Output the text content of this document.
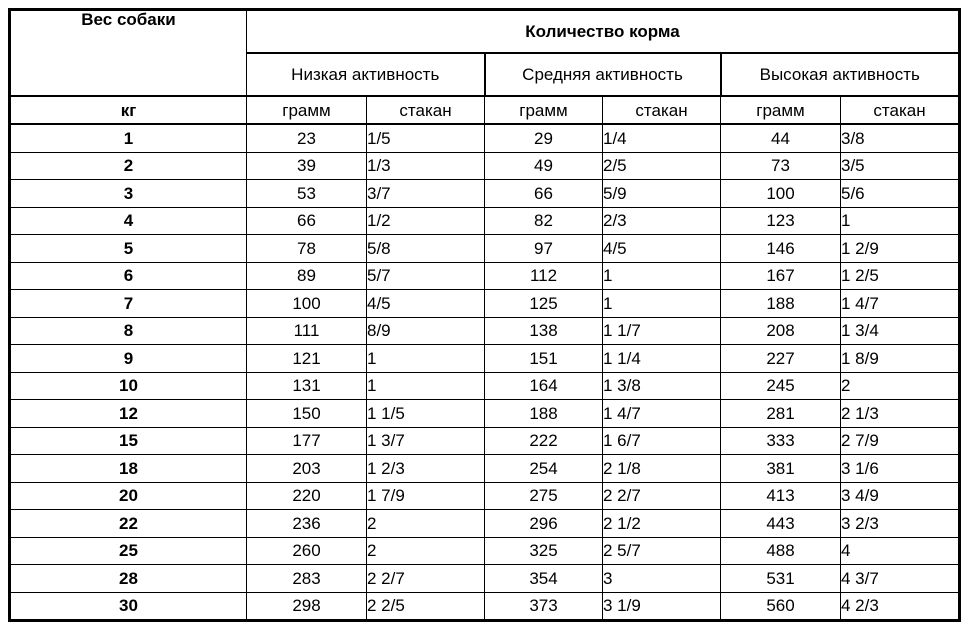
Вес собаки	Количество корма					
	Низкая активность		Средняя активность		Высокая активность	
кг	грамм	стакан	грамм	стакан	грамм	стакан
1	23	1/5	29	1/4	44	3/8
2	39	1/3	49	2/5	73	3/5
3	53	3/7	66	5/9	100	5/6
4	66	1/2	82	2/3	123	1
5	78	5/8	97	4/5	146	1 2/9
6	89	5/7	112	1	167	1 2/5
7	100	4/5	125	1	188	1 4/7
8	111	8/9	138	1 1/7	208	1 3/4
9	121	1	151	1 1/4	227	1 8/9
10	131	1	164	1 3/8	245	2
12	150	1 1/5	188	1 4/7	281	2 1/3
15	177	1 3/7	222	1 6/7	333	2 7/9
18	203	1 2/3	254	2 1/8	381	3 1/6
20	220	1 7/9	275	2 2/7	413	3 4/9
22	236	2	296	2 1/2	443	3 2/3
25	260	2	325	2 5/7	488	4
28	283	2 2/7	354	3	531	4 3/7
30	298	2 2/5	373	3 1/9	560	4 2/3
